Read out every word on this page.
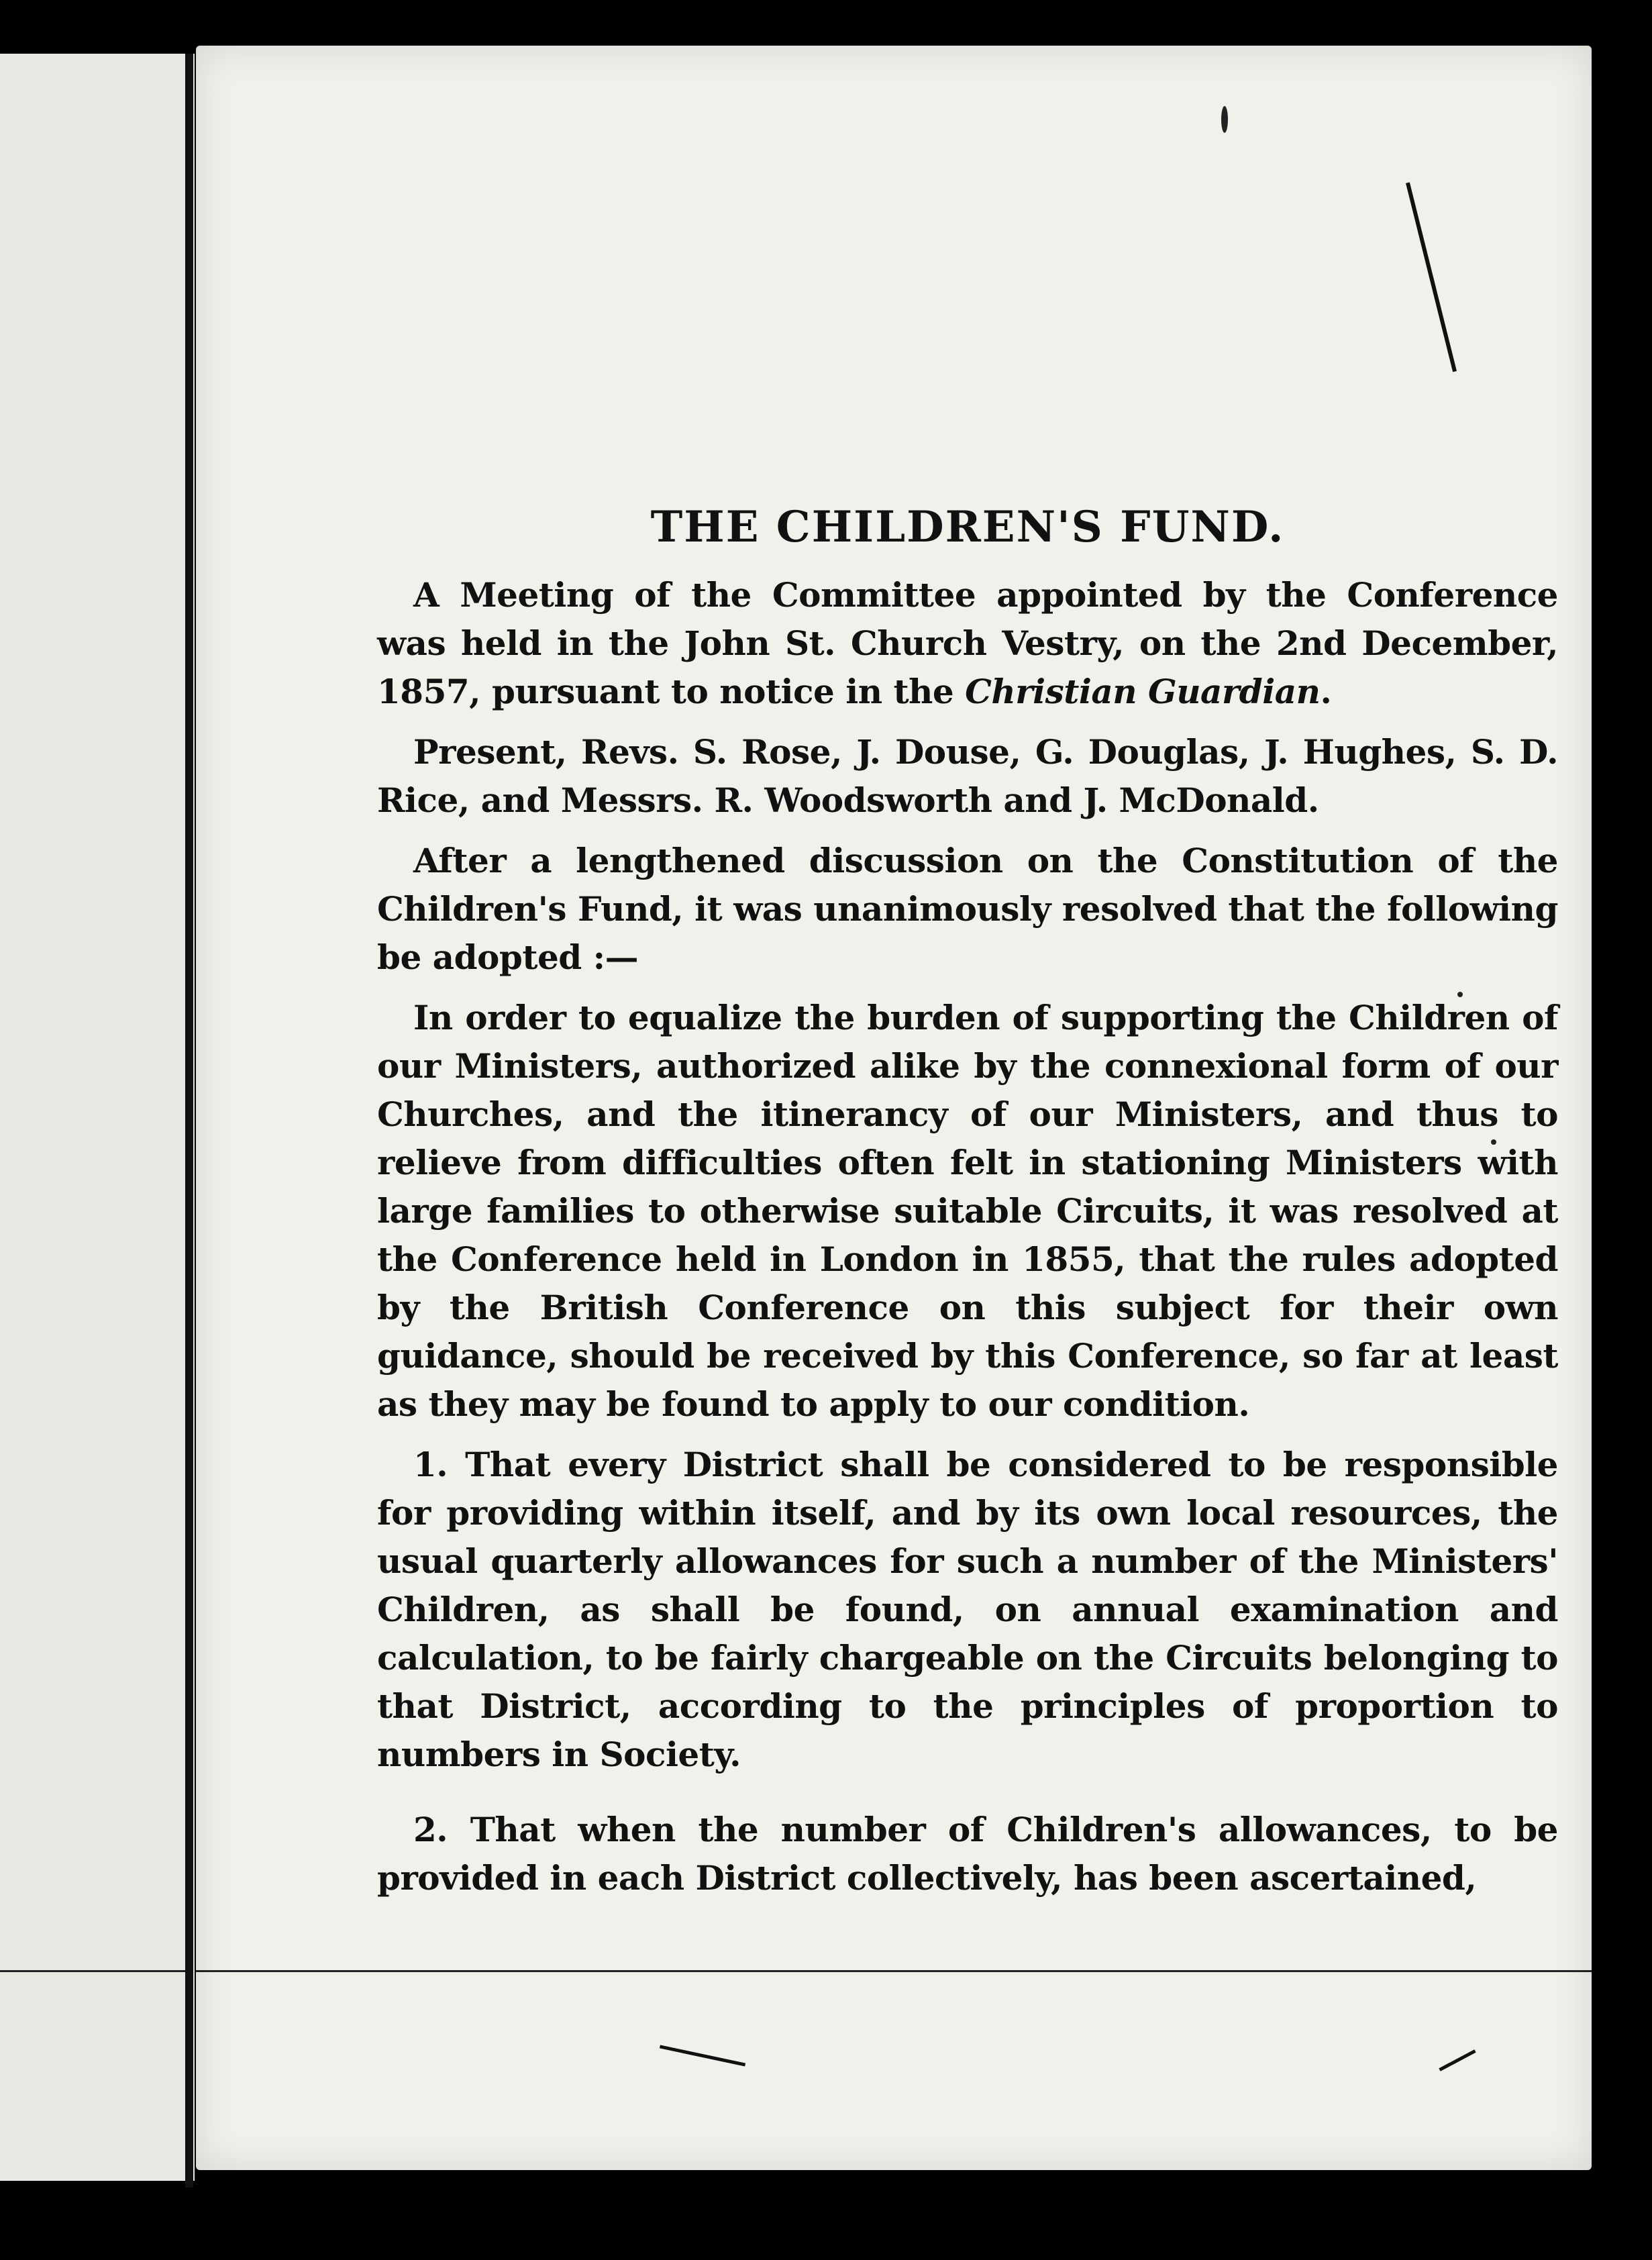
THE CHILDREN'S FUND.

A Meeting of the Committee appointed by the Conference was held in the John St. Church Vestry, on the 2nd December, 1857, pursuant to notice in the Christian Guardian.

Present, Revs. S. Rose, J. Douse, G. Douglas, J. Hughes, S. D. Rice, and Messrs. R. Woodsworth and J. McDonald.

After a lengthened discussion on the Constitution of the Children's Fund, it was unanimously resolved that the following be adopted :—

In order to equalize the burden of supporting the Children of our Ministers, authorized alike by the connexional form of our Churches, and the itinerancy of our Ministers, and thus to relieve from difficulties often felt in stationing Ministers with large families to otherwise suitable Circuits, it was resolved at the Conference held in London in 1855, that the rules adopted by the British Conference on this subject for their own guidance, should be received by this Conference, so far at least as they may be found to apply to our condition.

1. That every District shall be considered to be responsible for providing within itself, and by its own local resources, the usual quarterly allowances for such a number of the Ministers' Children, as shall be found, on annual examination and calculation, to be fairly chargeable on the Circuits belonging to that District, according to the principles of proportion to numbers in Society.

2. That when the number of Children's allowances, to be provided in each District collectively, has been ascertained,
